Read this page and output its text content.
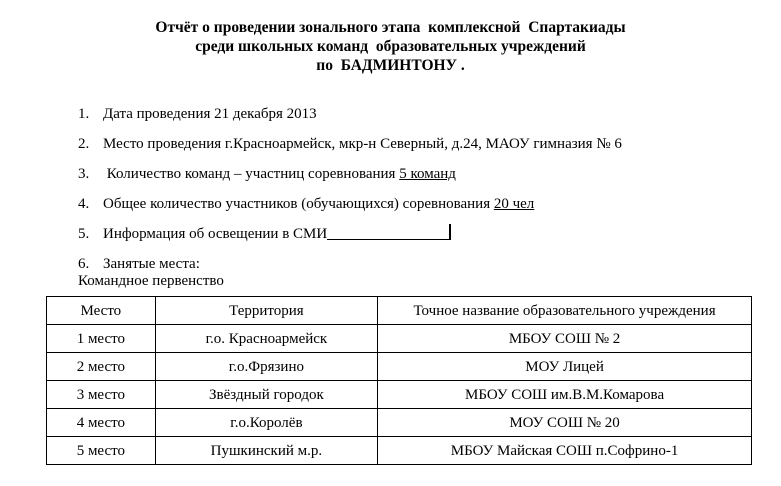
Отчёт о проведении зонального этапа  комплексной  Спартакиады
среди школьных команд  образовательных учреждений
по  БАДМИНТОНУ .
1. Дата проведения 21 декабря 2013
2. Место проведения г.Красноармейск, мкр-н Северный, д.24, МАОУ гимназия № 6
3. Количество команд – участниц соревнования 5 команд
4. Общее количество участников (обучающихся) соревнования 20 чел
5. Информация об освещении в СМИ
6. Занятые места:
Командное первенство
Место	Территория	Точное название образовательного учреждения
1 место	г.о. Красноармейск	МБОУ СОШ № 2
2 место	г.о.Фрязино	МОУ Лицей
3 место	Звёздный городок	МБОУ СОШ им.В.М.Комарова
4 место	г.о.Королёв	МОУ СОШ № 20
5 место	Пушкинский м.р.	МБОУ Майская СОШ п.Софрино-1
